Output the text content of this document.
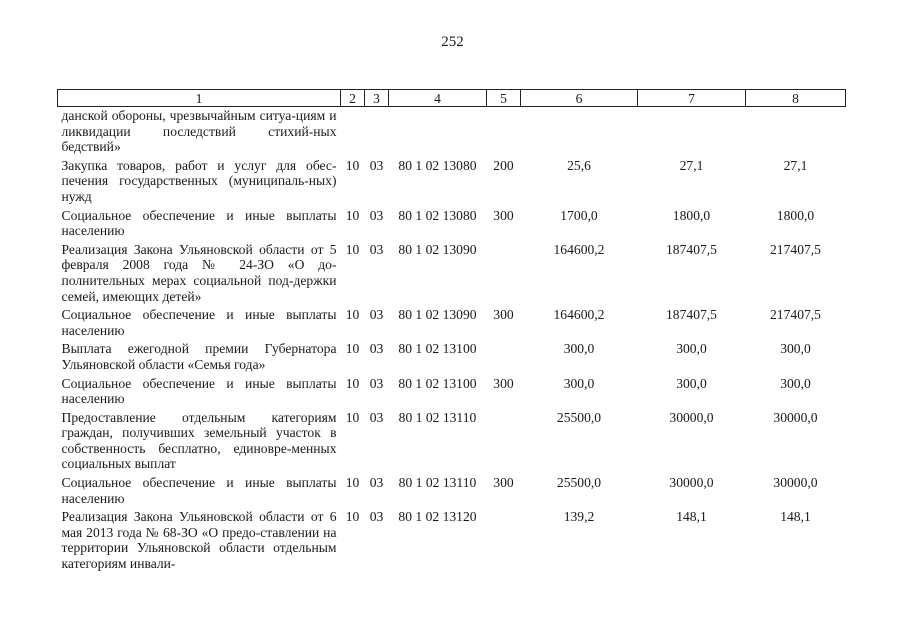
252
1	2	3	4	5	6	7	8
данской обороны, чрезвычайным ситуа-циям и ликвидации последствий стихий-ных бедствий»							
Закупка товаров, работ и услуг для обес-печения государственных (муниципаль-ных) нужд	10	03	80 1 02 13080	200	25,6	27,1	27,1
Социальное обеспечение и иные выплаты населению	10	03	80 1 02 13080	300	1700,0	1800,0	1800,0
Реализация Закона Ульяновской области от 5 февраля 2008 года № 24-ЗО «О до-полнительных мерах социальной под-держки семей, имеющих детей»	10	03	80 1 02 13090		164600,2	187407,5	217407,5
Социальное обеспечение и иные выплаты населению	10	03	80 1 02 13090	300	164600,2	187407,5	217407,5
Выплата ежегодной премии Губернатора Ульяновской области «Семья года»	10	03	80 1 02 13100		300,0	300,0	300,0
Социальное обеспечение и иные выплаты населению	10	03	80 1 02 13100	300	300,0	300,0	300,0
Предоставление отдельным категориям граждан, получивших земельный участок в собственность бесплатно, единовре-менных социальных выплат	10	03	80 1 02 13110		25500,0	30000,0	30000,0
Социальное обеспечение и иные выплаты населению	10	03	80 1 02 13110	300	25500,0	30000,0	30000,0
Реализация Закона Ульяновской области от 6 мая 2013 года № 68-ЗО «О предо-ставлении на территории Ульяновской области отдельным категориям инвали-	10	03	80 1 02 13120		139,2	148,1	148,1
